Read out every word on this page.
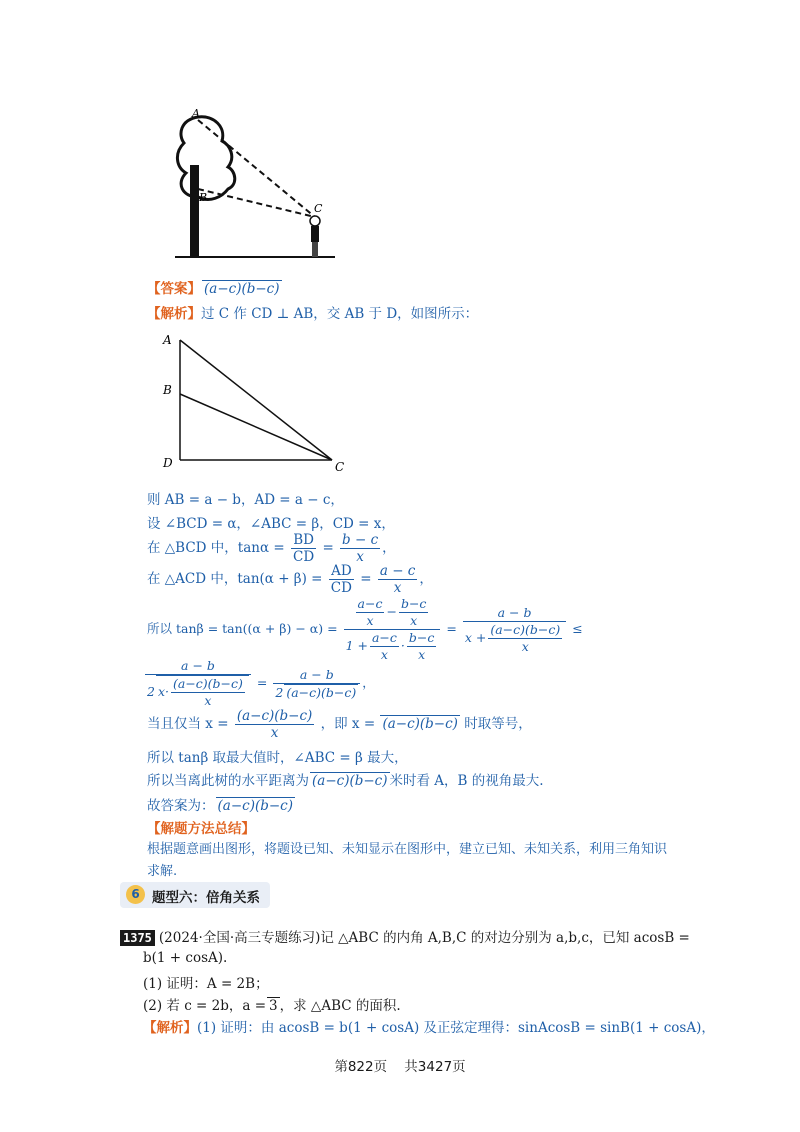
A
B
C
【答案】 (a−c)(b−c)
【解析】过 C 作 CD ⊥ AB，交 AB 于 D，如图所示：
A
B
D	C
则 AB = a − b，AD = a − c，
设 ∠BCD = α，∠ABC = β，CD = x，
在 △BCD 中，$\tan\alpha = \frac{BD}{CD} = \frac{b - c}{x}$ ，
在 △ACD 中，$\tan(\alpha + \beta) = \frac{AD}{CD} = \frac{a - c}{x}$ ，
所以 $\tan\beta = \tan((\alpha + \beta) - \alpha) = \frac{\frac{a-c}{x} - \frac{b-c}{x}}{1 + \frac{a-c}{x} \cdot \frac{b-c}{x}} = \frac{a - b}{x + \frac{(a-c)(b-c)}{x}}$ ≤
$\frac{a - b}{2 x\cdot \frac{(a-c)(b-c)}{x}} = \frac{a - b}{2 (a-c)(b-c)}$ ，
当且仅当 $x = \frac{(a-c)(b-c)}{x}$ ，即 x = (a−c)(b−c) 时取等号，
所以 tanβ 取最大值时，∠ABC = β 最大，
所以当离此树的水平距离为 (a−c)(b−c) 米时看 A，B 的视角最大.
故答案为： (a−c)(b−c)
【解题方法总结】
根据题意画出图形，将题设已知、未知显示在图形中，建立已知、未知关系，利用三角知识
求解.
6 题型六：倍角关系
1375 (2024·全国·高三专题练习)记 △ABC 的内角 A,B,C 的对边分别为 a,b,c，已知 acosB =
b(1 + cosA).
(1) 证明：A = 2B；
(2) 若 c = 2b，a = 3 ，求 △ABC 的面积.
【解析】(1) 证明：由 acosB = b(1 + cosA) 及正弦定理得：sinAcosB = sinB(1 + cosA)，
第822页 共3427页
